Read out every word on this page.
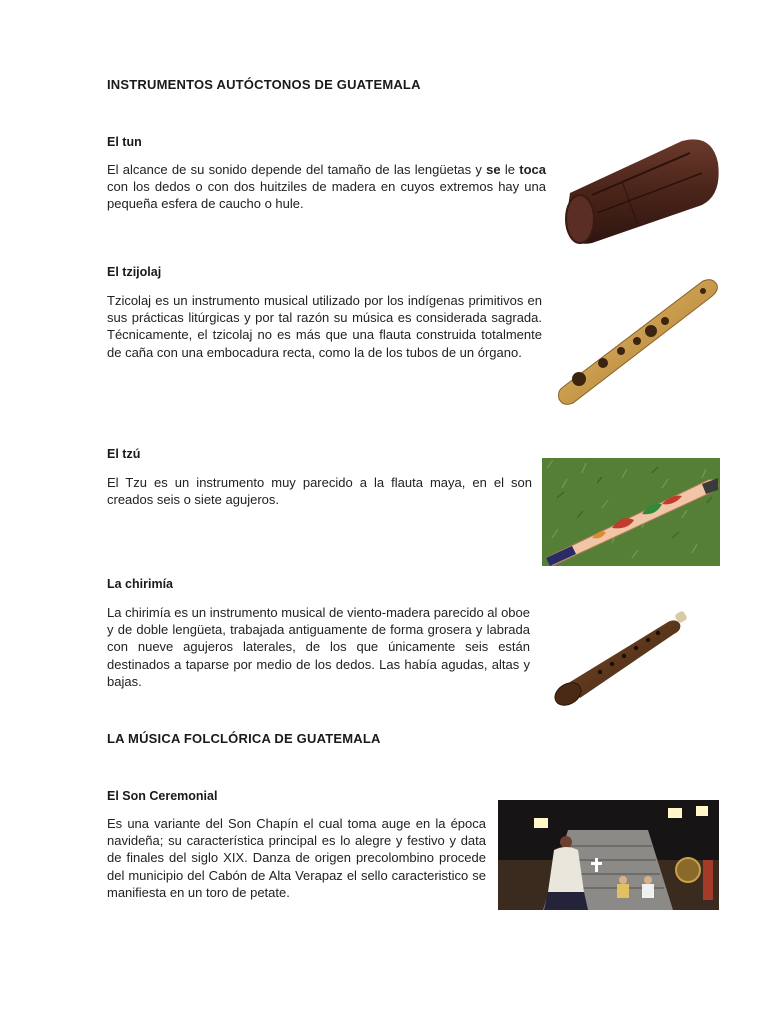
INSTRUMENTOS AUTÓCTONOS DE GUATEMALA
El tun

El alcance de su sonido depende del tamaño de las lengüetas y se le toca con los dedos o con dos huitziles de madera en cuyos extremos hay una pequeña esfera de caucho o hule.

El tzijolaj

Tzicolaj es un instrumento musical utilizado por los indígenas primitivos en sus prácticas litúrgicas y por tal razón su música es considerada sagrada. Técnicamente, el tzicolaj no es más que una flauta construida totalmente de caña con una embocadura recta, como la de los tubos de un órgano.

El tzú

El Tzu es un instrumento muy parecido a la flauta maya, en el son creados seis o siete agujeros.

La chirimía

La chirimía es un instrumento musical de viento-madera parecido al oboe y de doble lengüeta, trabajada antiguamente de forma grosera y labrada con nueve agujeros laterales, de los que únicamente seis están destinados a taparse por medio de los dedos. Las había agudas, altas y bajas.

LA MÚSICA FOLCLÓRICA DE GUATEMALA
El Son Ceremonial

Es una variante del Son Chapín el cual toma auge en la época navideña; su característica principal es lo alegre y festivo y data de finales del siglo XIX. Danza de origen precolombino procede del municipio del Cabón de Alta Verapaz el sello caracteristico se manifiesta en un toro de petate.
